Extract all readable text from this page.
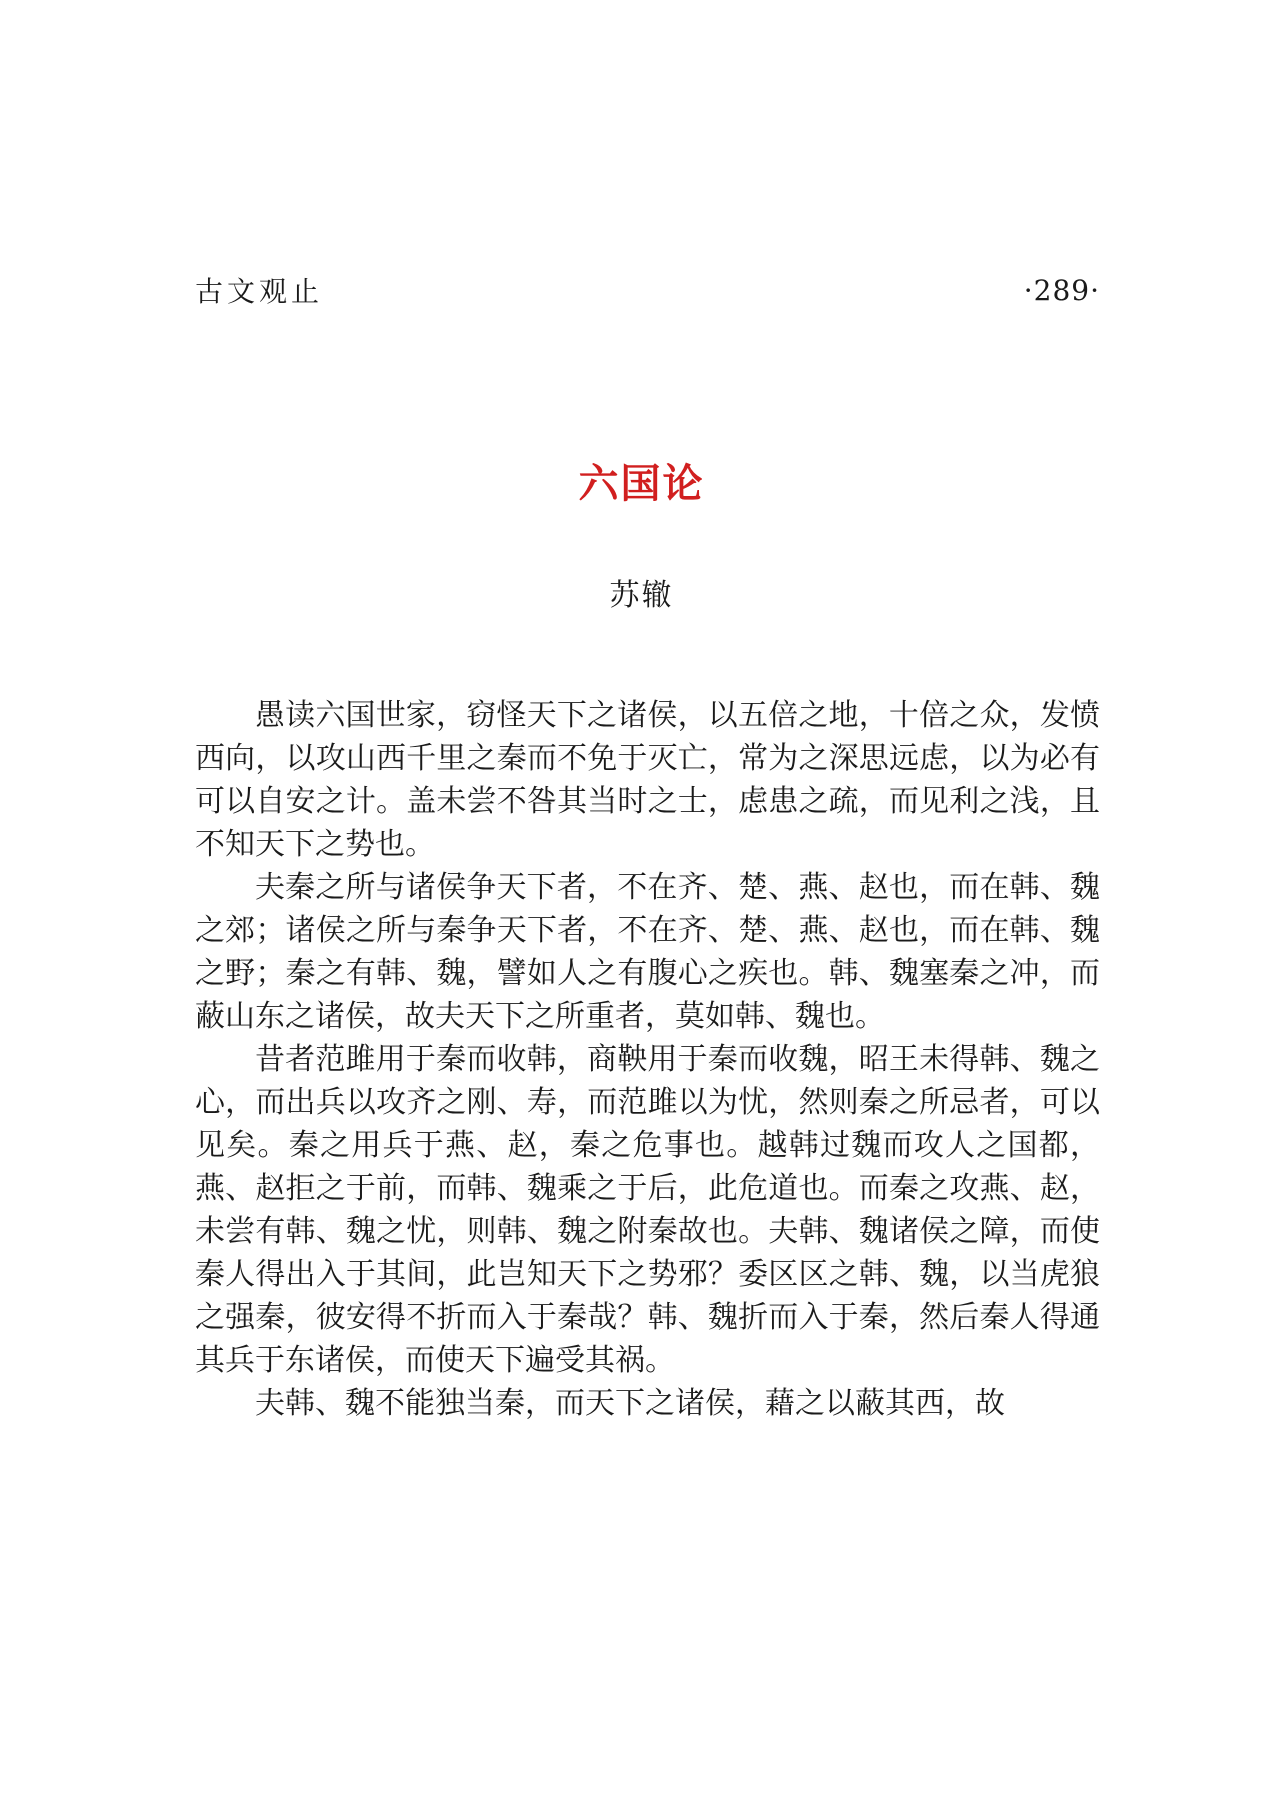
古文观止	·289·
六国论
苏辙

愚读六国世家，窃怪天下之诸侯，以五倍之地，十倍之众，发愤西向，以攻山西千里之秦而不免于灭亡，常为之深思远虑，以为必有可以自安之计。盖未尝不咎其当时之士，虑患之疏，而见利之浅，且不知天下之势也。

夫秦之所与诸侯争天下者，不在齐、楚、燕、赵也，而在韩、魏之郊；诸侯之所与秦争天下者，不在齐、楚、燕、赵也，而在韩、魏之野；秦之有韩、魏，譬如人之有腹心之疾也。韩、魏塞秦之冲，而蔽山东之诸侯，故夫天下之所重者，莫如韩、魏也。

昔者范雎用于秦而收韩，商鞅用于秦而收魏，昭王未得韩、魏之心，而出兵以攻齐之刚、寿，而范雎以为忧，然则秦之所忌者，可以见矣。秦之用兵于燕、赵，秦之危事也。越韩过魏而攻人之国都，燕、赵拒之于前，而韩、魏乘之于后，此危道也。而秦之攻燕、赵，未尝有韩、魏之忧，则韩、魏之附秦故也。夫韩、魏诸侯之障，而使秦人得出入于其间，此岂知天下之势邪？委区区之韩、魏，以当虎狼之强秦，彼安得不折而入于秦哉？韩、魏折而入于秦，然后秦人得通其兵于东诸侯，而使天下遍受其祸。

夫韩、魏不能独当秦，而天下之诸侯，藉之以蔽其西，故
